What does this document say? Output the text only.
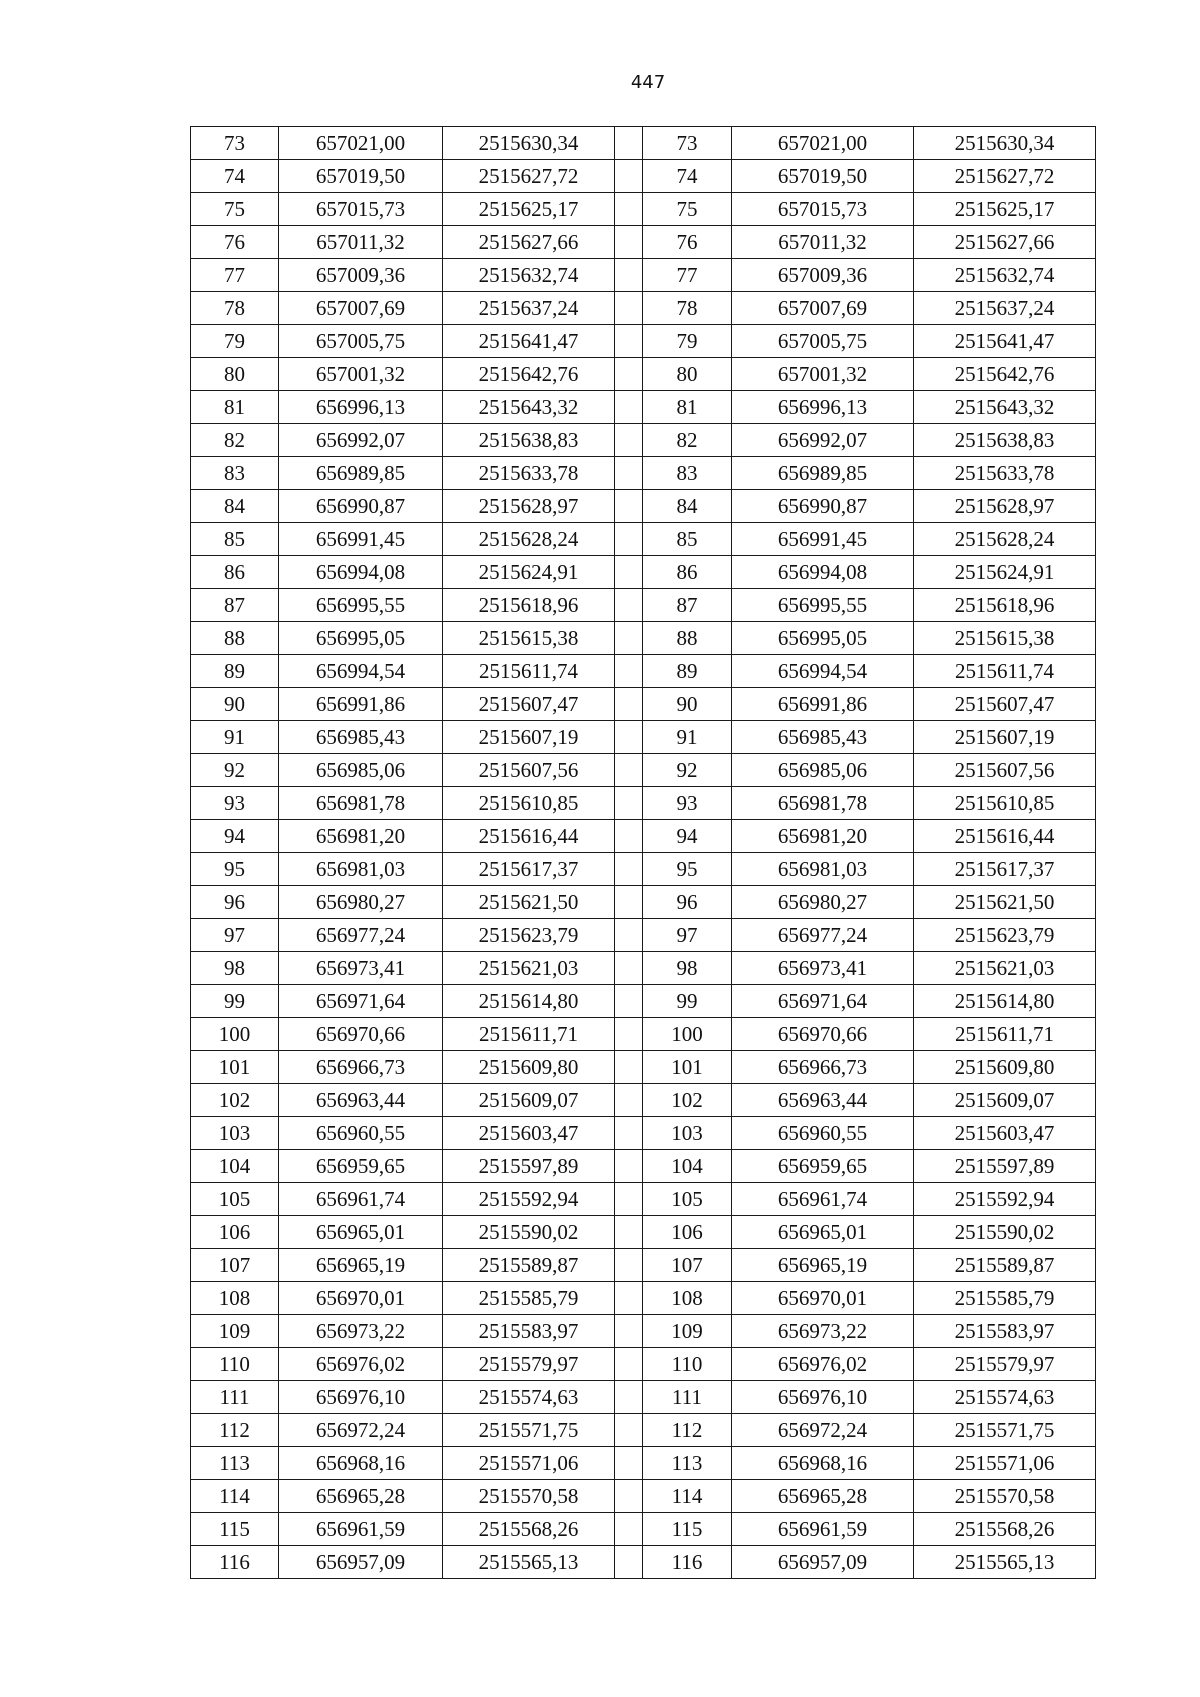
447
73	657021,00	2515630,34		73	657021,00	2515630,34
74	657019,50	2515627,72		74	657019,50	2515627,72
75	657015,73	2515625,17		75	657015,73	2515625,17
76	657011,32	2515627,66		76	657011,32	2515627,66
77	657009,36	2515632,74		77	657009,36	2515632,74
78	657007,69	2515637,24		78	657007,69	2515637,24
79	657005,75	2515641,47		79	657005,75	2515641,47
80	657001,32	2515642,76		80	657001,32	2515642,76
81	656996,13	2515643,32		81	656996,13	2515643,32
82	656992,07	2515638,83		82	656992,07	2515638,83
83	656989,85	2515633,78		83	656989,85	2515633,78
84	656990,87	2515628,97		84	656990,87	2515628,97
85	656991,45	2515628,24		85	656991,45	2515628,24
86	656994,08	2515624,91		86	656994,08	2515624,91
87	656995,55	2515618,96		87	656995,55	2515618,96
88	656995,05	2515615,38		88	656995,05	2515615,38
89	656994,54	2515611,74		89	656994,54	2515611,74
90	656991,86	2515607,47		90	656991,86	2515607,47
91	656985,43	2515607,19		91	656985,43	2515607,19
92	656985,06	2515607,56		92	656985,06	2515607,56
93	656981,78	2515610,85		93	656981,78	2515610,85
94	656981,20	2515616,44		94	656981,20	2515616,44
95	656981,03	2515617,37		95	656981,03	2515617,37
96	656980,27	2515621,50		96	656980,27	2515621,50
97	656977,24	2515623,79		97	656977,24	2515623,79
98	656973,41	2515621,03		98	656973,41	2515621,03
99	656971,64	2515614,80		99	656971,64	2515614,80
100	656970,66	2515611,71		100	656970,66	2515611,71
101	656966,73	2515609,80		101	656966,73	2515609,80
102	656963,44	2515609,07		102	656963,44	2515609,07
103	656960,55	2515603,47		103	656960,55	2515603,47
104	656959,65	2515597,89		104	656959,65	2515597,89
105	656961,74	2515592,94		105	656961,74	2515592,94
106	656965,01	2515590,02		106	656965,01	2515590,02
107	656965,19	2515589,87		107	656965,19	2515589,87
108	656970,01	2515585,79		108	656970,01	2515585,79
109	656973,22	2515583,97		109	656973,22	2515583,97
110	656976,02	2515579,97		110	656976,02	2515579,97
111	656976,10	2515574,63		111	656976,10	2515574,63
112	656972,24	2515571,75		112	656972,24	2515571,75
113	656968,16	2515571,06		113	656968,16	2515571,06
114	656965,28	2515570,58		114	656965,28	2515570,58
115	656961,59	2515568,26		115	656961,59	2515568,26
116	656957,09	2515565,13		116	656957,09	2515565,13
